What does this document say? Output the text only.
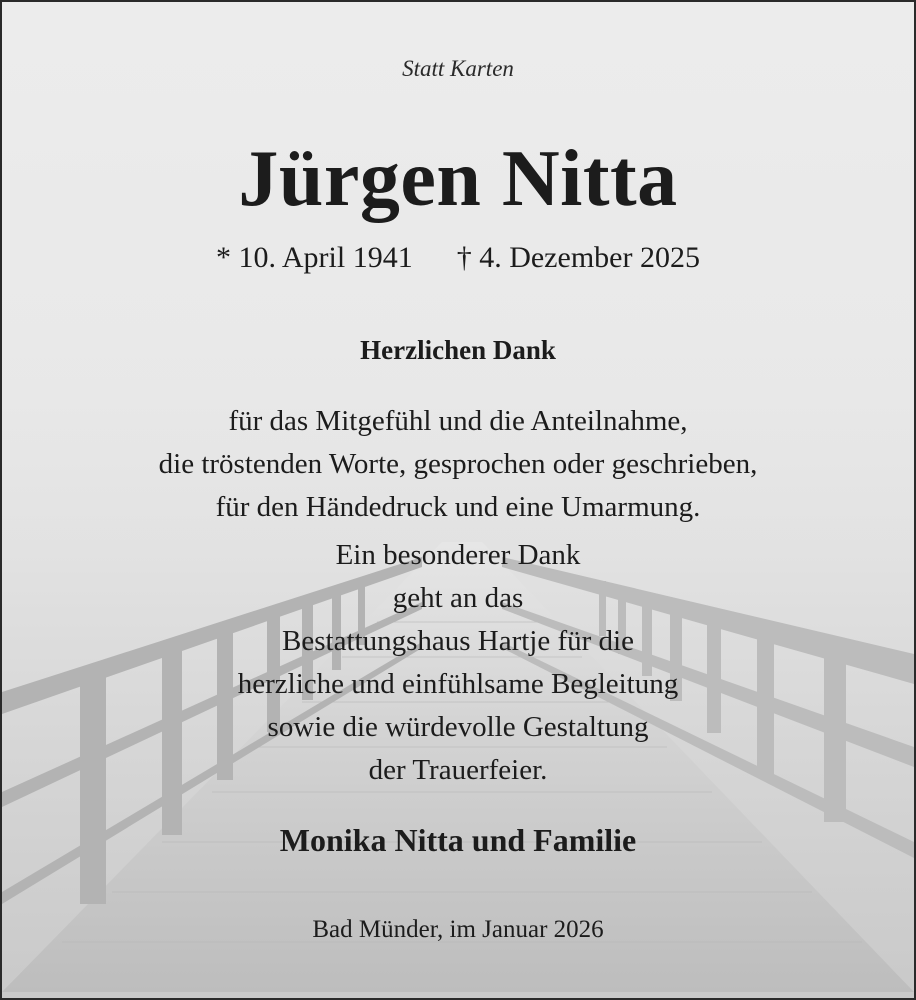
Statt Karten
Jürgen Nitta
* 10. April 1941 † 4. Dezember 2025
Herzlichen Dank
für das Mitgefühl und die Anteilnahme,
die tröstenden Worte, gesprochen oder geschrieben,
für den Händedruck und eine Umarmung.
Ein besonderer Dank
geht an das
Bestattungshaus Hartje für die
herzliche und einfühlsame Begleitung
sowie die würdevolle Gestaltung
der Trauerfeier.
Monika Nitta und Familie
Bad Münder, im Januar 2026
